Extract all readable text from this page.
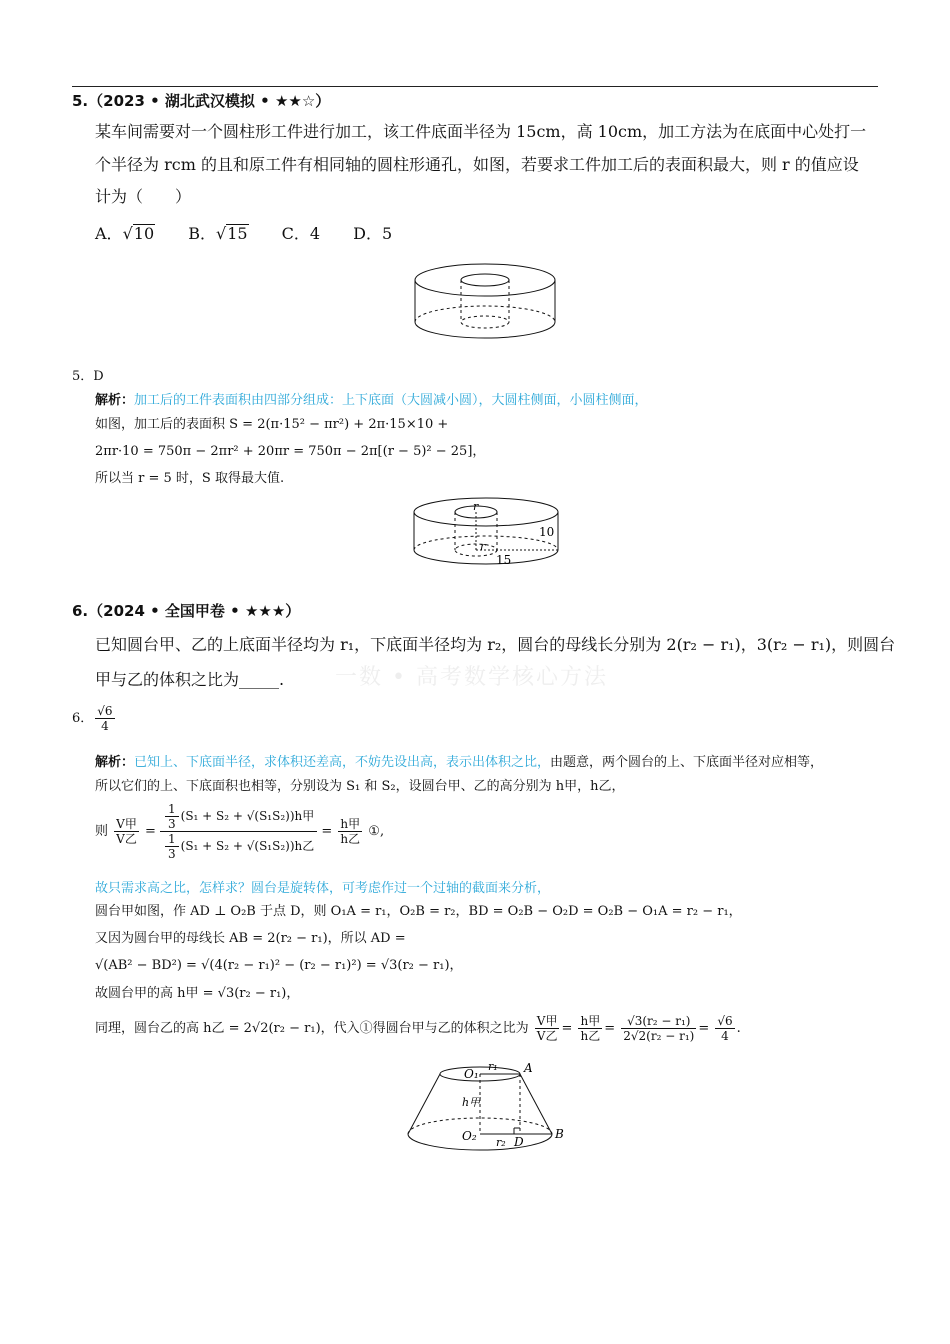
5.（2023 • 湖北武汉模拟 • ★★☆）
某车间需要对一个圆柱形工件进行加工，该工件底面半径为 15cm，高 10cm，加工方法为在底面中心处打一
个半径为 rcm 的且和原工件有相同轴的圆柱形通孔，如图，若要求工件加工后的表面积最大，则 r 的值应设
计为（　　）
A．√10 B．√15 C．4 D．5
5．D
解析：加工后的工件表面积由四部分组成：上下底面（大圆减小圆），大圆柱侧面，小圆柱侧面，
如图，加工后的表面积 S = 2(π·15² − πr²) + 2π·15×10 +
2πr·10 = 750π − 2πr² + 20πr = 750π − 2π[(r − 5)² − 25]，
所以当 r = 5 时，S 取得最大值.
r
r
10
15
6.（2024 • 全国甲卷 • ★★★）
一数 • 高考数学核心方法
已知圆台甲、乙的上底面半径均为 r₁，下底面半径均为 r₂，圆台的母线长分别为 2(r₂ − r₁)，3(r₂ − r₁)，则圆台
甲与乙的体积之比为_____.
6． $\frac{√6}{4}$
解析：已知上、下底面半径，求体积还差高，不妨先设出高，表示出体积之比，由题意，两个圆台的上、下底面半径对应相等，
所以它们的上、下底面积也相等，分别设为 S₁ 和 S₂，设圆台甲、乙的高分别为 h甲，h乙，
则 $\frac{\text{V甲}}{\text{V乙}}$ =
$\frac{1}{3} (S_1 + S_2 + √(S_1S_2))h$甲
$\frac{1}{3} (S_1 + S_2 + √(S_1S_2))h$乙
= $\frac{\text{h甲}}{\text{h乙}}$ ①,
故只需求高之比，怎样求？圆台是旋转体，可考虑作过一个过轴的截面来分析，
圆台甲如图，作 AD ⊥ O₂B 于点 D，则 O₁A = r₁，O₂B = r₂，BD = O₂B − O₂D = O₂B − O₁A = r₂ − r₁，
又因为圆台甲的母线长 AB = 2(r₂ − r₁)，所以 AD =
√(AB² − BD²) = √(4(r₂ − r₁)² − (r₂ − r₁)²) = √3(r₂ − r₁)，
故圆台甲的高 h甲 = √3(r₂ − r₁)，
同理，圆台乙的高 h乙 = 2√2(r₂ − r₁)，代入①得圆台甲与乙的体积之比为 $\frac{\text{V甲}}{\text{V乙}} = \frac{\text{h甲}}{\text{h乙}} = \frac{\text{√3(r₂ − r₁)}}{\text{2√2(r₂ − r₁)}} = \frac{√6}{4}$ .
O₁
r₁ A
h甲
O₂ r₂ D
B
